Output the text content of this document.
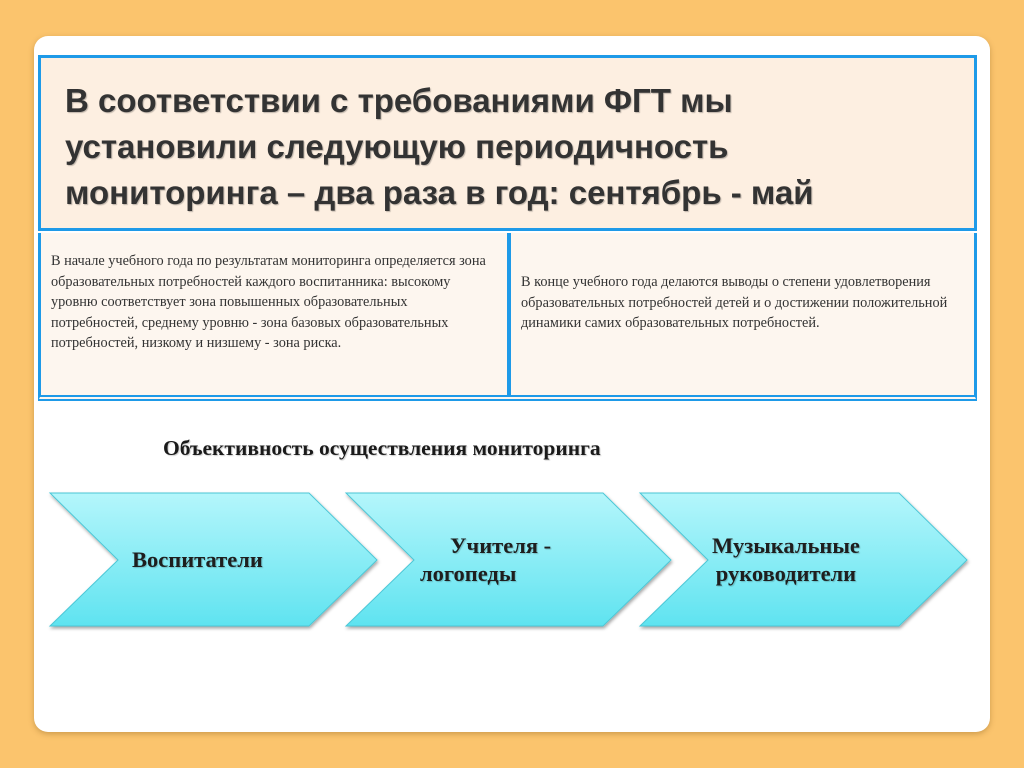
В соответствии с требованиями ФГТ мы
установили следующую периодичность
мониторинга – два раза в год: сентябрь - май
В начале учебного года по результатам мониторинга определяется зона образовательных потребностей каждого воспитанника: высокому уровню соответствует зона повышенных образовательных потребностей, среднему уровню - зона базовых образовательных потребностей, низкому и низшему - зона риска.
В конце учебного года делаются выводы о степени удовлетворения образовательных потребностей детей и о достижении положительной динамики самих образовательных потребностей.
Объективность осуществления мониторинга
Воспитатели
Учителя -
логопеды
Музыкальные
руководители
